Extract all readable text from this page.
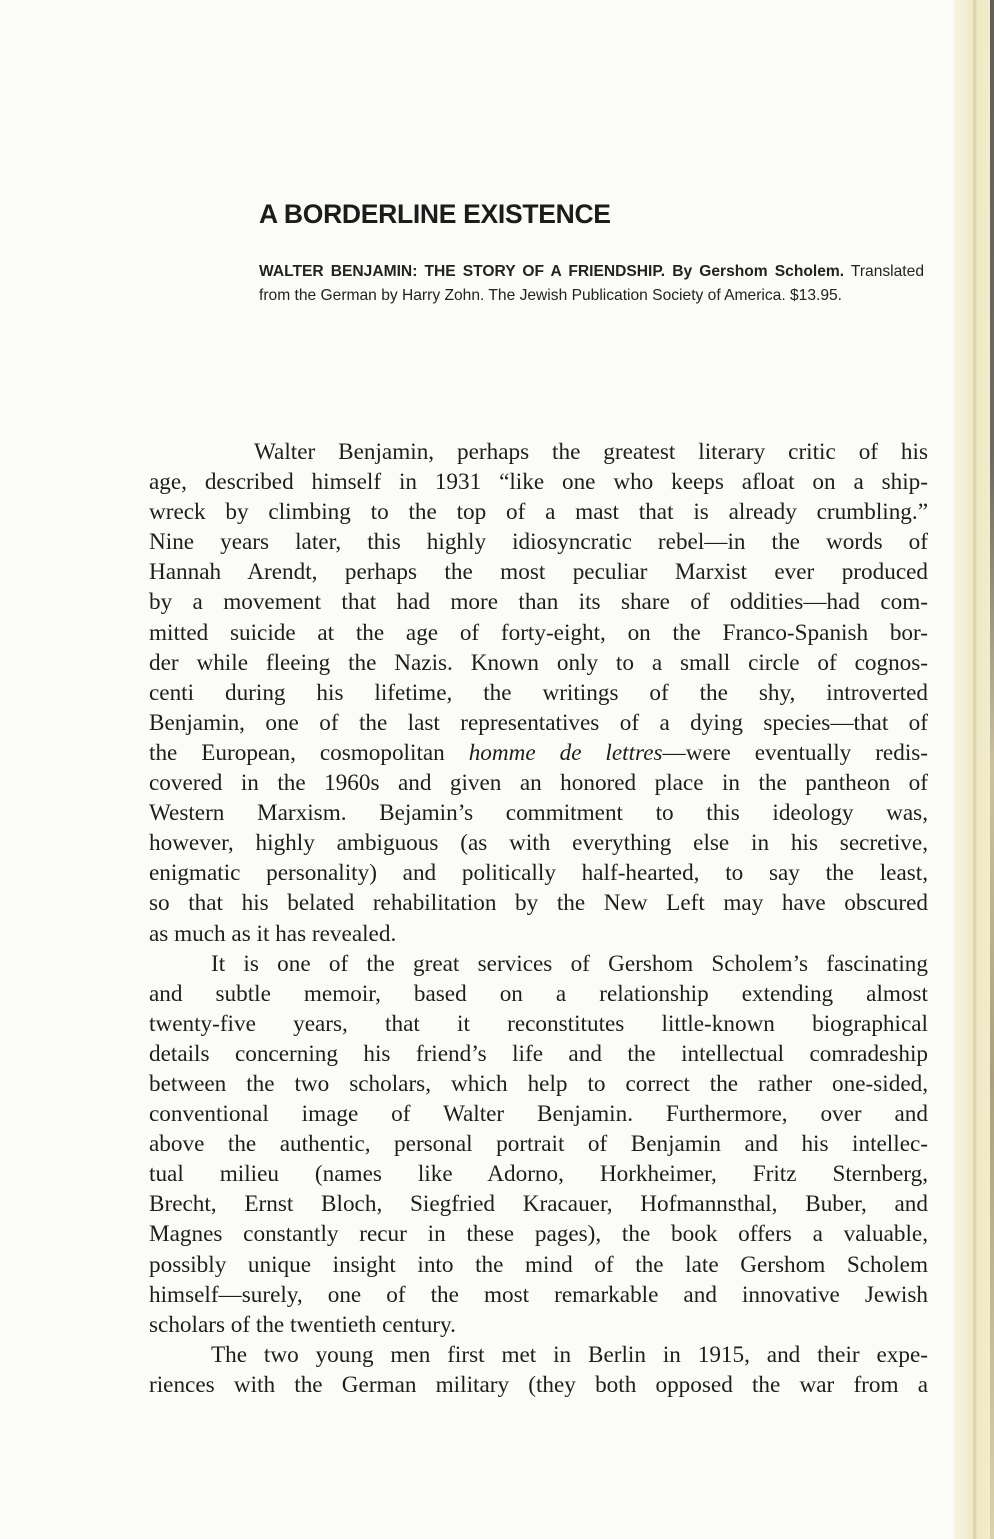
A BORDERLINE EXISTENCE
WALTER BENJAMIN: THE STORY OF A FRIENDSHIP. By Gershom Scholem. Translated from the German by Harry Zohn. The Jewish Publication Society of America. $13.95.

Walter Benjamin, perhaps the greatest literary critic of his
age, described himself in 1931 “like one who keeps afloat on a ship-
wreck by climbing to the top of a mast that is already crumbling.”
Nine years later, this highly idiosyncratic rebel—in the words of
Hannah Arendt, perhaps the most peculiar Marxist ever produced
by a movement that had more than its share of oddities—had com-
mitted suicide at the age of forty-eight, on the Franco-Spanish bor-
der while fleeing the Nazis. Known only to a small circle of cognos-
centi during his lifetime, the writings of the shy, introverted
Benjamin, one of the last representatives of a dying species—that of
the European, cosmopolitan homme de lettres—were eventually redis-
covered in the 1960s and given an honored place in the pantheon of
Western Marxism. Bejamin’s commitment to this ideology was,
however, highly ambiguous (as with everything else in his secretive,
enigmatic personality) and politically half-hearted, to say the least,
so that his belated rehabilitation by the New Left may have obscured
as much as it has revealed.

It is one of the great services of Gershom Scholem’s fascinating
and subtle memoir, based on a relationship extending almost
twenty-five years, that it reconstitutes little-known biographical
details concerning his friend’s life and the intellectual comradeship
between the two scholars, which help to correct the rather one-sided,
conventional image of Walter Benjamin. Furthermore, over and
above the authentic, personal portrait of Benjamin and his intellec-
tual milieu (names like Adorno, Horkheimer, Fritz Sternberg,
Brecht, Ernst Bloch, Siegfried Kracauer, Hofmannsthal, Buber, and
Magnes constantly recur in these pages), the book offers a valuable,
possibly unique insight into the mind of the late Gershom Scholem
himself—surely, one of the most remarkable and innovative Jewish
scholars of the twentieth century.

The two young men first met in Berlin in 1915, and their expe-
riences with the German military (they both opposed the war from a
